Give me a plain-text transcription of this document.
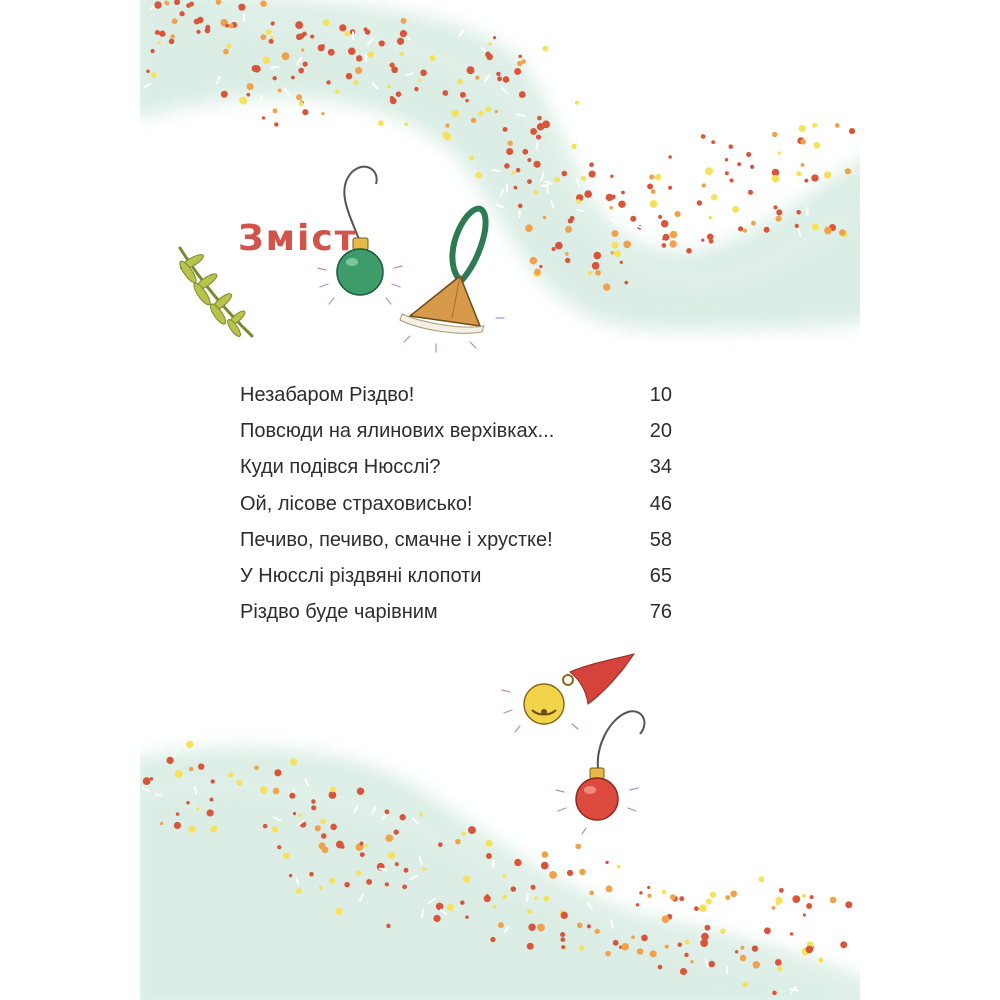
Зміст
Незабаром Різдво!	10
Повсюди на ялинових верхівках...	20
Куди подівся Нюсслі?	34
Ой, лісове страховисько!	46
Печиво, печиво, смачне і хрустке!	58
У Нюсслі різдвяні клопоти	65
Різдво буде чарівним	76
